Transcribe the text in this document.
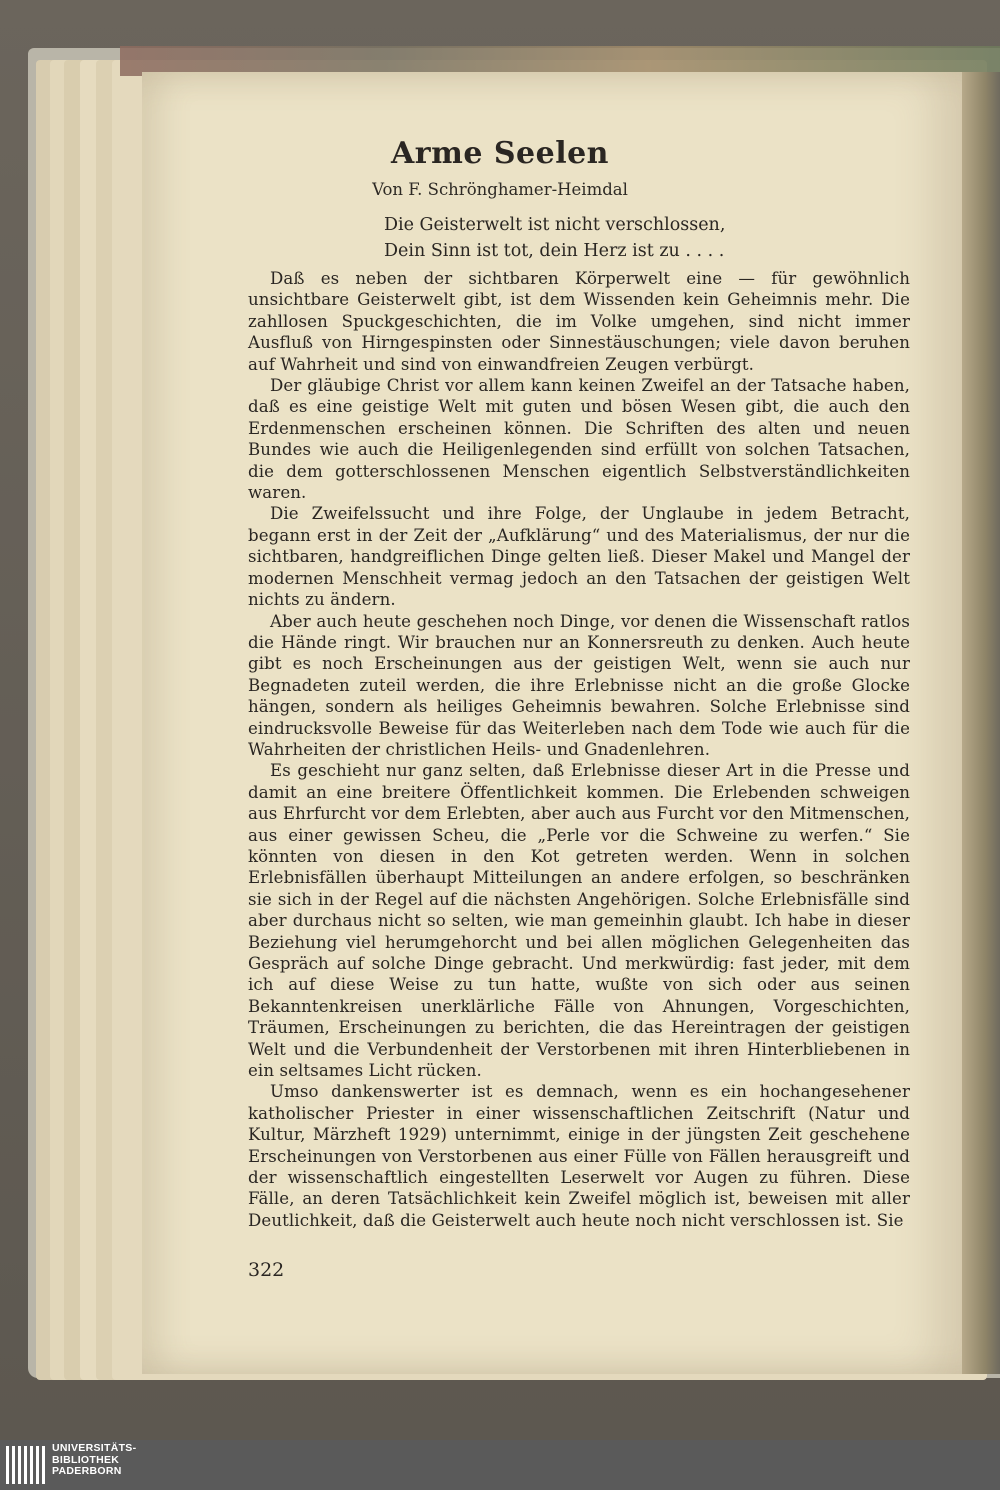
Arme Seelen
Von F. Schrönghamer-Heimdal
Die Geisterwelt ist nicht verschlossen,
Dein Sinn ist tot, dein Herz ist zu . . . .

Daß es neben der sichtbaren Körperwelt eine — für gewöhnlich unsichtbare Geisterwelt gibt, ist dem Wissenden kein Geheimnis mehr. Die zahllosen Spuckgeschichten, die im Volke umgehen, sind nicht immer Ausfluß von Hirngespinsten oder Sinnestäuschungen; viele davon beruhen auf Wahrheit und sind von einwandfreien Zeugen verbürgt.

Der gläubige Christ vor allem kann keinen Zweifel an der Tatsache haben, daß es eine geistige Welt mit guten und bösen Wesen gibt, die auch den Erdenmenschen erscheinen können. Die Schriften des alten und neuen Bundes wie auch die Heiligenlegenden sind erfüllt von solchen Tatsachen, die dem gotterschlossenen Menschen eigentlich Selbstverständlichkeiten waren.

Die Zweifelssucht und ihre Folge, der Unglaube in jedem Betracht, begann erst in der Zeit der „Aufklärung“ und des Materialismus, der nur die sichtbaren, handgreiflichen Dinge gelten ließ. Dieser Makel und Mangel der modernen Menschheit vermag jedoch an den Tatsachen der geistigen Welt nichts zu ändern.

Aber auch heute geschehen noch Dinge, vor denen die Wissenschaft ratlos die Hände ringt. Wir brauchen nur an Konnersreuth zu denken. Auch heute gibt es noch Erscheinungen aus der geistigen Welt, wenn sie auch nur Begnadeten zuteil werden, die ihre Erlebnisse nicht an die große Glocke hängen, sondern als heiliges Geheimnis bewahren. Solche Erlebnisse sind eindrucksvolle Beweise für das Weiterleben nach dem Tode wie auch für die Wahrheiten der christlichen Heils- und Gnadenlehren.

Es geschieht nur ganz selten, daß Erlebnisse dieser Art in die Presse und damit an eine breitere Öffentlichkeit kommen. Die Erlebenden schweigen aus Ehrfurcht vor dem Erlebten, aber auch aus Furcht vor den Mitmenschen, aus einer gewissen Scheu, die „Perle vor die Schweine zu werfen.“ Sie könnten von diesen in den Kot getreten werden. Wenn in solchen Erlebnisfällen überhaupt Mitteilungen an andere erfolgen, so beschränken sie sich in der Regel auf die nächsten Angehörigen. Solche Erlebnisfälle sind aber durchaus nicht so selten, wie man gemeinhin glaubt. Ich habe in dieser Beziehung viel herumgehorcht und bei allen möglichen Gelegenheiten das Gespräch auf solche Dinge gebracht. Und merkwürdig: fast jeder, mit dem ich auf diese Weise zu tun hatte, wußte von sich oder aus seinen Bekanntenkreisen unerklärliche Fälle von Ahnungen, Vorgeschichten, Träumen, Erscheinungen zu berichten, die das Hereintragen der geistigen Welt und die Verbundenheit der Verstorbenen mit ihren Hinterbliebenen in ein seltsames Licht rücken.

Umso dankenswerter ist es demnach, wenn es ein hochangesehener katholischer Priester in einer wissenschaftlichen Zeitschrift (Natur und Kultur, Märzheft 1929) unternimmt, einige in der jüngsten Zeit geschehene Erscheinungen von Verstorbenen aus einer Fülle von Fällen herausgreift und der wissenschaftlich eingestellten Leserwelt vor Augen zu führen. Diese Fälle, an deren Tatsächlichkeit kein Zweifel möglich ist, beweisen mit aller Deutlichkeit, daß die Geisterwelt auch heute noch nicht verschlossen ist. Sie

322
UNIVERSITÄTS-
BIBLIOTHEK
PADERBORN
